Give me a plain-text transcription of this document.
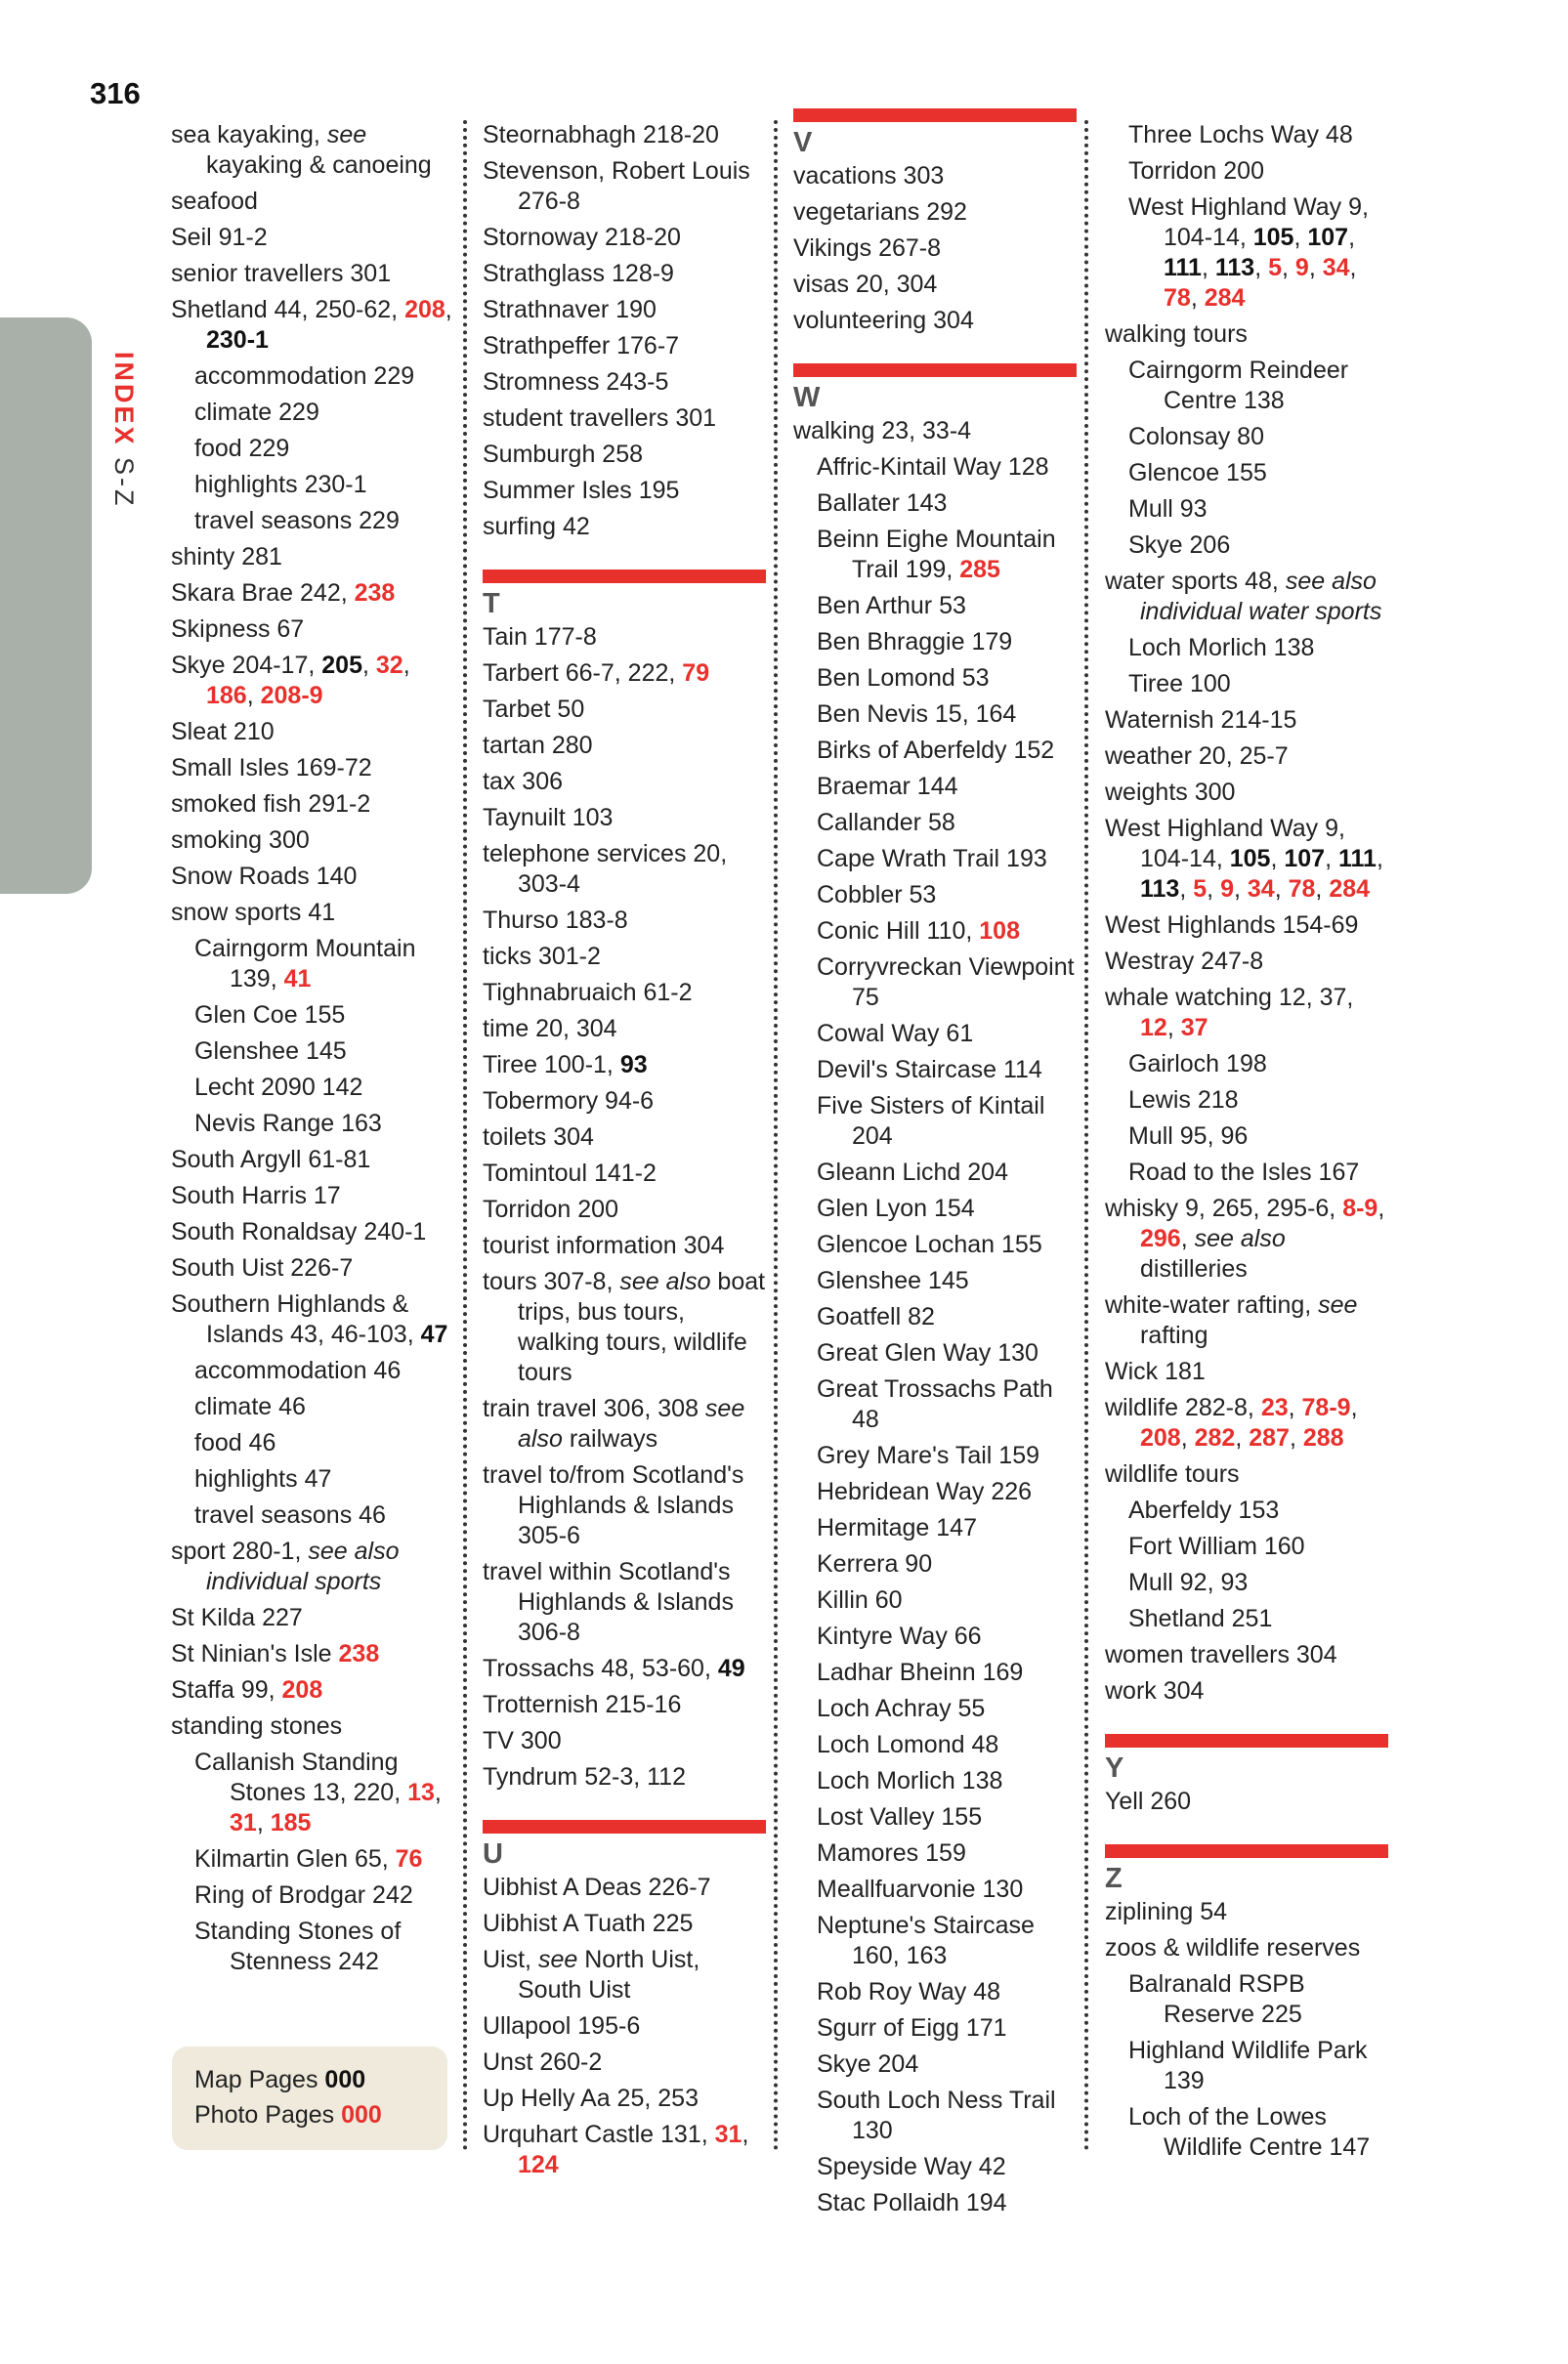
316
INDEX S-Z
sea kayaking, see kayaking & canoeing
seafood
Seil 91-2
senior travellers 301
Shetland 44, 250-62, 208, 230-1
accommodation 229
climate 229
food 229
highlights 230-1
travel seasons 229
shinty 281
Skara Brae 242, 238
Skipness 67
Skye 204-17, 205, 32, 186, 208-9
Sleat 210
Small Isles 169-72
smoked fish 291-2
smoking 300
Snow Roads 140
snow sports 41
Cairngorm Mountain 139, 41
Glen Coe 155
Glenshee 145
Lecht 2090 142
Nevis Range 163
South Argyll 61-81
South Harris 17
South Ronaldsay 240-1
South Uist 226-7
Southern Highlands & Islands 43, 46-103, 47
accommodation 46
climate 46
food 46
highlights 47
travel seasons 46
sport 280-1, see also individual sports
St Kilda 227
St Ninian's Isle 238
Staffa 99, 208
standing stones
Callanish Standing Stones 13, 220, 13, 31, 185
Kilmartin Glen 65, 76
Ring of Brodgar 242
Standing Stones of Stenness 242
Steornabhagh 218-20
Stevenson, Robert Louis 276-8
Stornoway 218-20
Strathglass 128-9
Strathnaver 190
Strathpeffer 176-7
Stromness 243-5
student travellers 301
Sumburgh 258
Summer Isles 195
surfing 42
T
Tain 177-8
Tarbert 66-7, 222, 79
Tarbet 50
tartan 280
tax 306
Taynuilt 103
telephone services 20, 303-4
Thurso 183-8
ticks 301-2
Tighnabruaich 61-2
time 20, 304
Tiree 100-1, 93
Tobermory 94-6
toilets 304
Tomintoul 141-2
Torridon 200
tourist information 304
tours 307-8, see also boat trips, bus tours, walking tours, wildlife tours
train travel 306, 308 see also railways
travel to/from Scotland's Highlands & Islands 305-6
travel within Scotland's Highlands & Islands 306-8
Trossachs 48, 53-60, 49
Trotternish 215-16
TV 300
Tyndrum 52-3, 112
U
Uibhist A Deas 226-7
Uibhist A Tuath 225
Uist, see North Uist, South Uist
Ullapool 195-6
Unst 260-2
Up Helly Aa 25, 253
Urquhart Castle 131, 31, 124
V
vacations 303
vegetarians 292
Vikings 267-8
visas 20, 304
volunteering 304
W
walking 23, 33-4
Affric-Kintail Way 128
Ballater 143
Beinn Eighe Mountain Trail 199, 285
Ben Arthur 53
Ben Bhraggie 179
Ben Lomond 53
Ben Nevis 15, 164
Birks of Aberfeldy 152
Braemar 144
Callander 58
Cape Wrath Trail 193
Cobbler 53
Conic Hill 110, 108
Corryvreckan Viewpoint 75
Cowal Way 61
Devil's Staircase 114
Five Sisters of Kintail 204
Gleann Lichd 204
Glen Lyon 154
Glencoe Lochan 155
Glenshee 145
Goatfell 82
Great Glen Way 130
Great Trossachs Path 48
Grey Mare's Tail 159
Hebridean Way 226
Hermitage 147
Kerrera 90
Killin 60
Kintyre Way 66
Ladhar Bheinn 169
Loch Achray 55
Loch Lomond 48
Loch Morlich 138
Lost Valley 155
Mamores 159
Meallfuarvonie 130
Neptune's Staircase 160, 163
Rob Roy Way 48
Sgurr of Eigg 171
Skye 204
South Loch Ness Trail 130
Speyside Way 42
Stac Pollaidh 194
Three Lochs Way 48
Torridon 200
West Highland Way 9, 104-14, 105, 107, 111, 113, 5, 9, 34, 78, 284
walking tours
Cairngorm Reindeer Centre 138
Colonsay 80
Glencoe 155
Mull 93
Skye 206
water sports 48, see also individual water sports
Loch Morlich 138
Tiree 100
Waternish 214-15
weather 20, 25-7
weights 300
West Highland Way 9, 104-14, 105, 107, 111, 113, 5, 9, 34, 78, 284
West Highlands 154-69
Westray 247-8
whale watching 12, 37, 12, 37
Gairloch 198
Lewis 218
Mull 95, 96
Road to the Isles 167
whisky 9, 265, 295-6, 8-9, 296, see also distilleries
white-water rafting, see rafting
Wick 181
wildlife 282-8, 23, 78-9, 208, 282, 287, 288
wildlife tours
Aberfeldy 153
Fort William 160
Mull 92, 93
Shetland 251
women travellers 304
work 304
Y
Yell 260
Z
ziplining 54
zoos & wildlife reserves
Balranald RSPB Reserve 225
Highland Wildlife Park 139
Loch of the Lowes Wildlife Centre 147
Map Pages 000
Photo Pages 000
